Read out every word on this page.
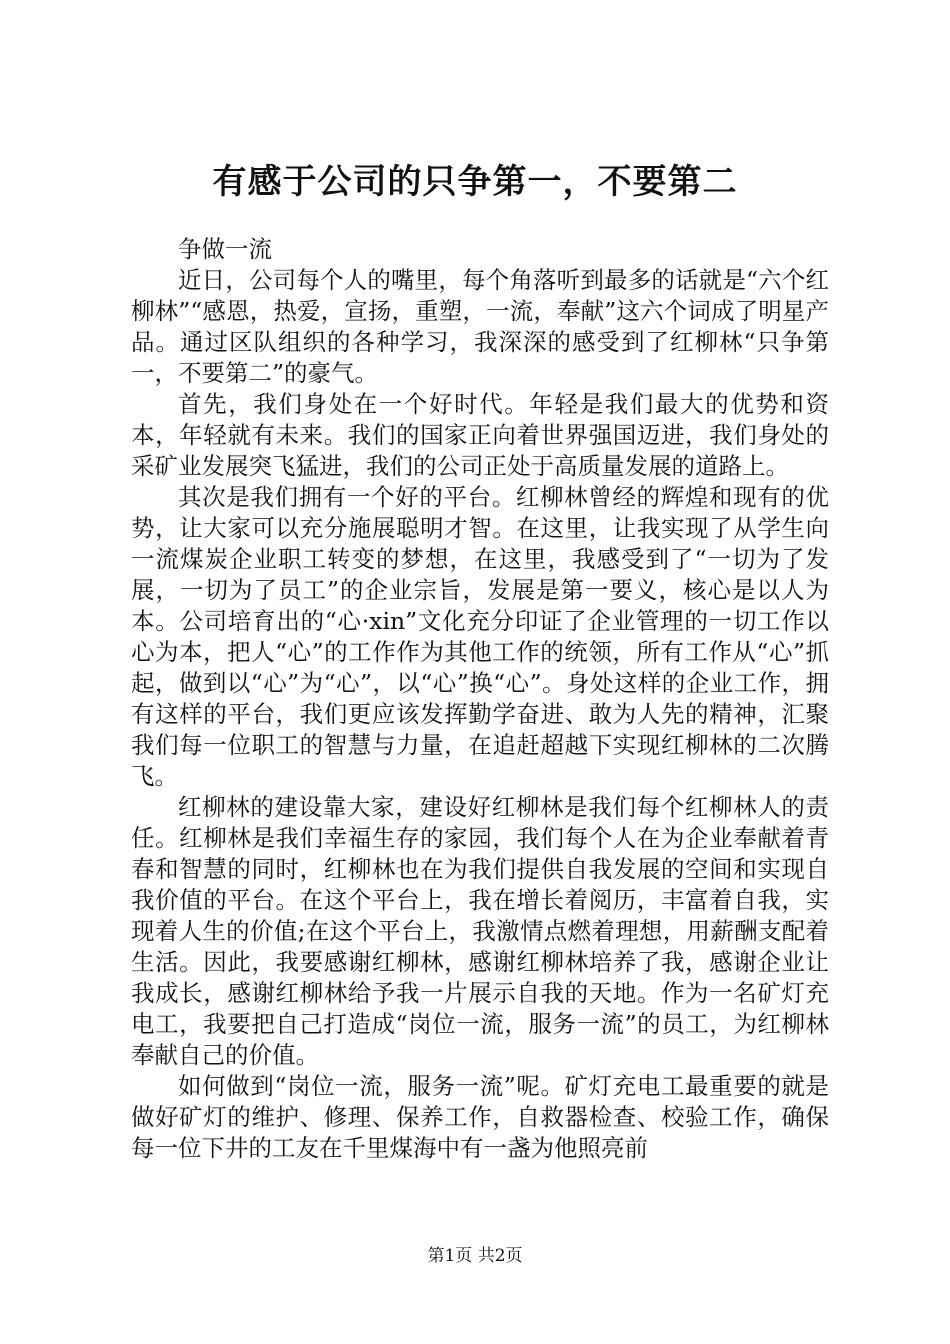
有感于公司的只争第一，不要第二

争做一流

近日，公司每个人的嘴里，每个角落听到最多的话就是“六个红柳林”“感恩，热爱，宣扬，重塑，一流，奉献”这六个词成了明星产品。通过区队组织的各种学习，我深深的感受到了红柳林“只争第一，不要第二”的豪气。

首先，我们身处在一个好时代。年轻是我们最大的优势和资本，年轻就有未来。我们的国家正向着世界强国迈进，我们身处的采矿业发展突飞猛进，我们的公司正处于高质量发展的道路上。

其次是我们拥有一个好的平台。红柳林曾经的辉煌和现有的优势，让大家可以充分施展聪明才智。在这里，让我实现了从学生向一流煤炭企业职工转变的梦想，在这里，我感受到了“一切为了发展，一切为了员工”的企业宗旨，发展是第一要义，核心是以人为本。公司培育出的“心·xin”文化充分印证了企业管理的一切工作以心为本，把人“心”的工作作为其他工作的统领，所有工作从“心”抓起，做到以“心”为“心”，以“心”换“心”。身处这样的企业工作，拥有这样的平台，我们更应该发挥勤学奋进、敢为人先的精神，汇聚我们每一位职工的智慧与力量，在追赶超越下实现红柳林的二次腾飞。

红柳林的建设靠大家，建设好红柳林是我们每个红柳林人的责任。红柳林是我们幸福生存的家园，我们每个人在为企业奉献着青春和智慧的同时，红柳林也在为我们提供自我发展的空间和实现自我价值的平台。在这个平台上，我在增长着阅历，丰富着自我，实现着人生的价值;在这个平台上，我激情点燃着理想，用薪酬支配着生活。因此，我要感谢红柳林，感谢红柳林培养了我，感谢企业让我成长，感谢红柳林给予我一片展示自我的天地。作为一名矿灯充电工，我要把自己打造成“岗位一流，服务一流”的员工，为红柳林奉献自己的价值。

如何做到“岗位一流，服务一流”呢。矿灯充电工最重要的就是做好矿灯的维护、修理、保养工作，自救器检查、校验工作，确保每一位下井的工友在千里煤海中有一盏为他照亮前

第1页 共2页
